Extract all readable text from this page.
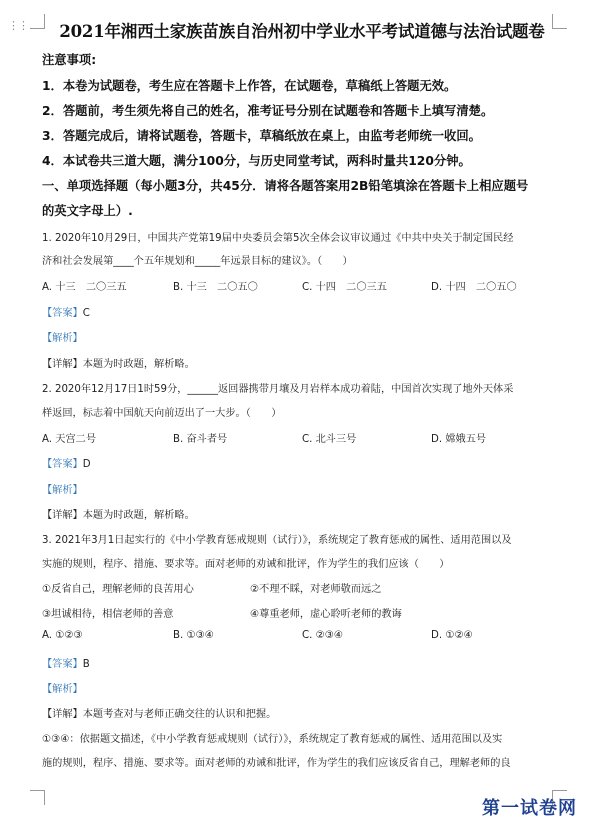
⋮⋮	2021年湘西土家族苗族自治州初中学业水平考试道德与法治试题卷
注意事项:
1．本卷为试题卷，考生应在答题卡上作答，在试题卷，草稿纸上答题无效。
2．答题前，考生须先将自己的姓名，准考证号分别在试题卷和答题卡上填写清楚。
3．答题完成后，请将试题卷，答题卡，草稿纸放在桌上，由监考老师统一收回。
4．本试卷共三道大题，满分100分，与历史同堂考试，两科时量共120分钟。
一、单项选择题（每小题3分，共45分．请将各题答案用2B铅笔填涂在答题卡上相应题号
的英文字母上）.
1. 2020年10月29日，中国共产党第19届中央委员会第5次全体会议审议通过《中共中央关于制定国民经
济和社会发展第____个五年规划和_____年远景目标的建议》。（　　）
A. 十三　二〇三五	B. 十三　二〇五〇	C. 十四　二〇三五	D. 十四　二〇五〇
【答案】C
【解析】
【详解】本题为时政题，解析略。
2. 2020年12月17日1时59分，______返回器携带月壤及月岩样本成功着陆，中国首次实现了地外天体采
样返回，标志着中国航天向前迈出了一大步。（　　）
A. 天宫二号	B. 奋斗者号	C. 北斗三号	D. 嫦娥五号
【答案】D
【解析】
【详解】本题为时政题，解析略。
3. 2021年3月1日起实行的《中小学教育惩戒规则（试行）》，系统规定了教育惩戒的属性、适用范围以及
实施的规则，程序、措施、要求等。面对老师的劝诫和批评，作为学生的我们应该（　　）
①反省自己，理解老师的良苦用心	②不理不睬，对老师敬而远之
③坦诚相待，相信老师的善意	④尊重老师，虚心聆听老师的教诲
A. ①②③	B. ①③④	C. ②③④	D. ①②④
【答案】B
【解析】
【详解】本题考查对与老师正确交往的认识和把握。
①③④：依据题文描述，《中小学教育惩戒规则（试行）》，系统规定了教育惩戒的属性、适用范围以及实
施的规则，程序、措施、要求等。面对老师的劝诫和批评，作为学生的我们应该反省自己，理解老师的良
第一试卷网
